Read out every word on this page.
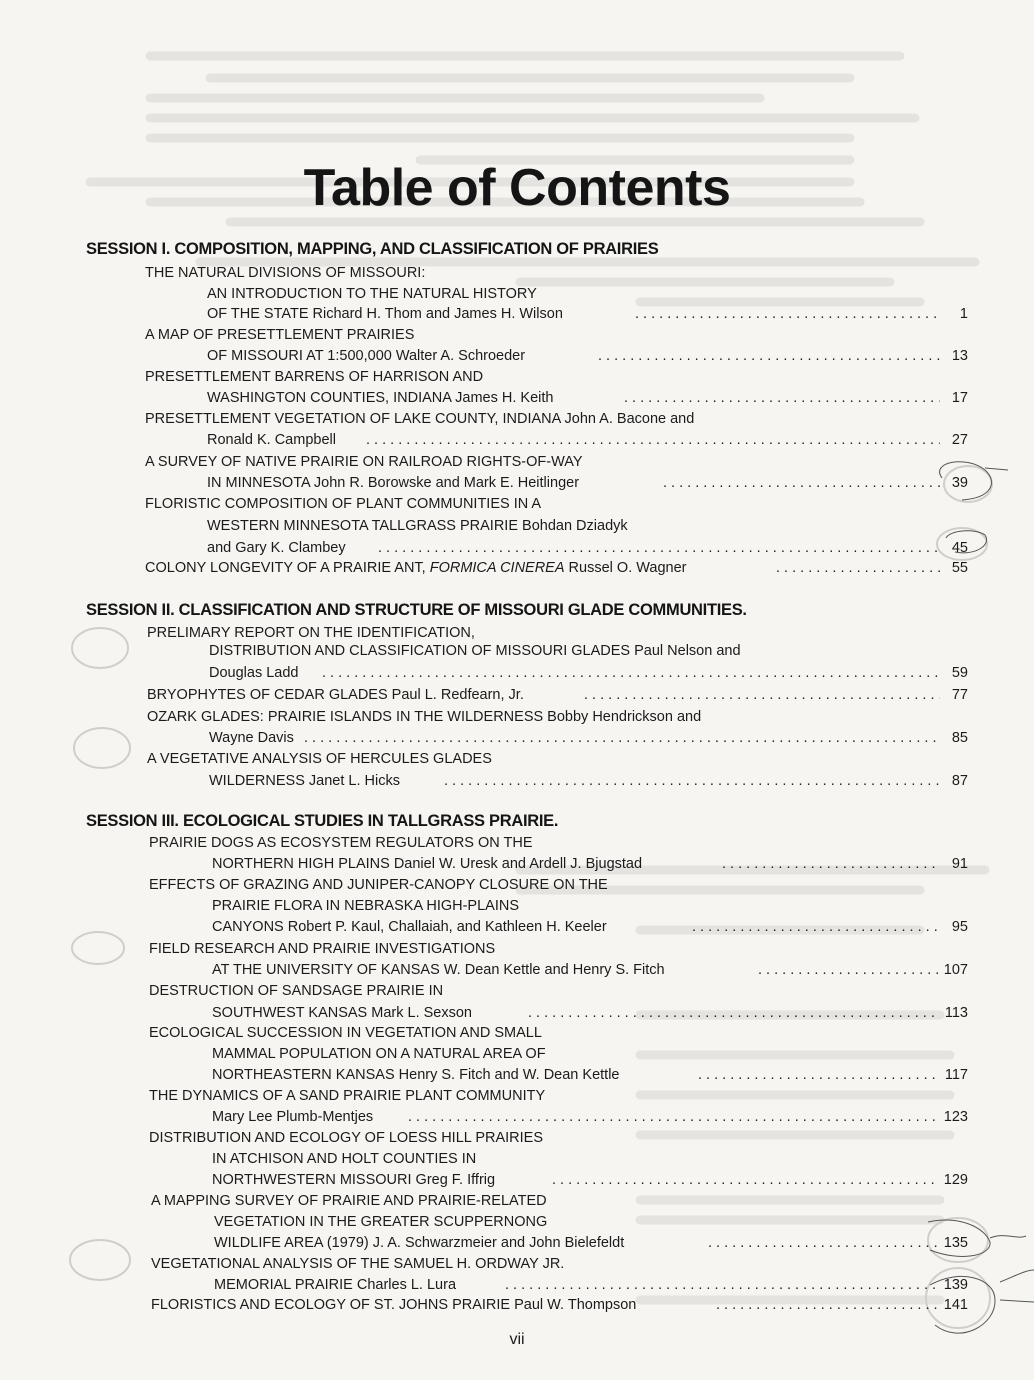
Table of Contents
SESSION I. COMPOSITION, MAPPING, AND CLASSIFICATION OF PRAIRIES
THE NATURAL DIVISIONS OF MISSOURI:
AN INTRODUCTION TO THE NATURAL HISTORY
OF THE STATE Richard H. Thom and James H. Wilson . . .	1
A MAP OF PRESETTLEMENT PRAIRIES
OF MISSOURI AT 1:500,000 Walter A. Schroeder . . .	13
PRESETTLEMENT BARRENS OF HARRISON AND
WASHINGTON COUNTIES, INDIANA James H. Keith . . .	17
PRESETTLEMENT VEGETATION OF LAKE COUNTY, INDIANA John A. Bacone and
Ronald K. Campbell . . .	27
A SURVEY OF NATIVE PRAIRIE ON RAILROAD RIGHTS-OF-WAY
IN MINNESOTA John R. Borowske and Mark E. Heitlinger . . .	39
FLORISTIC COMPOSITION OF PLANT COMMUNITIES IN A
WESTERN MINNESOTA TALLGRASS PRAIRIE Bohdan Dziadyk
and Gary K. Clambey . . .	45
COLONY LONGEVITY OF A PRAIRIE ANT, FORMICA CINEREA Russel O. Wagner . . .	55
SESSION II. CLASSIFICATION AND STRUCTURE OF MISSOURI GLADE COMMUNITIES.
PRELIMARY REPORT ON THE IDENTIFICATION,
DISTRIBUTION AND CLASSIFICATION OF MISSOURI GLADES Paul Nelson and
Douglas Ladd . . .	59
BRYOPHYTES OF CEDAR GLADES Paul L. Redfearn, Jr. . . .	77
OZARK GLADES: PRAIRIE ISLANDS IN THE WILDERNESS Bobby Hendrickson and
Wayne Davis . . .	85
A VEGETATIVE ANALYSIS OF HERCULES GLADES
WILDERNESS Janet L. Hicks . . .	87
SESSION III. ECOLOGICAL STUDIES IN TALLGRASS PRAIRIE.
PRAIRIE DOGS AS ECOSYSTEM REGULATORS ON THE
NORTHERN HIGH PLAINS Daniel W. Uresk and Ardell J. Bjugstad . . .	91
EFFECTS OF GRAZING AND JUNIPER-CANOPY CLOSURE ON THE
PRAIRIE FLORA IN NEBRASKA HIGH-PLAINS
CANYONS Robert P. Kaul, Challaiah, and Kathleen H. Keeler . . .	95
FIELD RESEARCH AND PRAIRIE INVESTIGATIONS
AT THE UNIVERSITY OF KANSAS W. Dean Kettle and Henry S. Fitch . . .	107
DESTRUCTION OF SANDSAGE PRAIRIE IN
SOUTHWEST KANSAS Mark L. Sexson . . .	113
ECOLOGICAL SUCCESSION IN VEGETATION AND SMALL
MAMMAL POPULATION ON A NATURAL AREA OF
NORTHEASTERN KANSAS Henry S. Fitch and W. Dean Kettle . . .	117
THE DYNAMICS OF A SAND PRAIRIE PLANT COMMUNITY
Mary Lee Plumb-Mentjes . . .	123
DISTRIBUTION AND ECOLOGY OF LOESS HILL PRAIRIES
IN ATCHISON AND HOLT COUNTIES IN
NORTHWESTERN MISSOURI Greg F. Iffrig . . .	129
A MAPPING SURVEY OF PRAIRIE AND PRAIRIE-RELATED
VEGETATION IN THE GREATER SCUPPERNONG
WILDLIFE AREA (1979) J. A. Schwarzmeier and John Bielefeldt . . .	135
VEGETATIONAL ANALYSIS OF THE SAMUEL H. ORDWAY JR.
MEMORIAL PRAIRIE Charles L. Lura . . .	139
FLORISTICS AND ECOLOGY OF ST. JOHNS PRAIRIE Paul W. Thompson . . .	141
vii
